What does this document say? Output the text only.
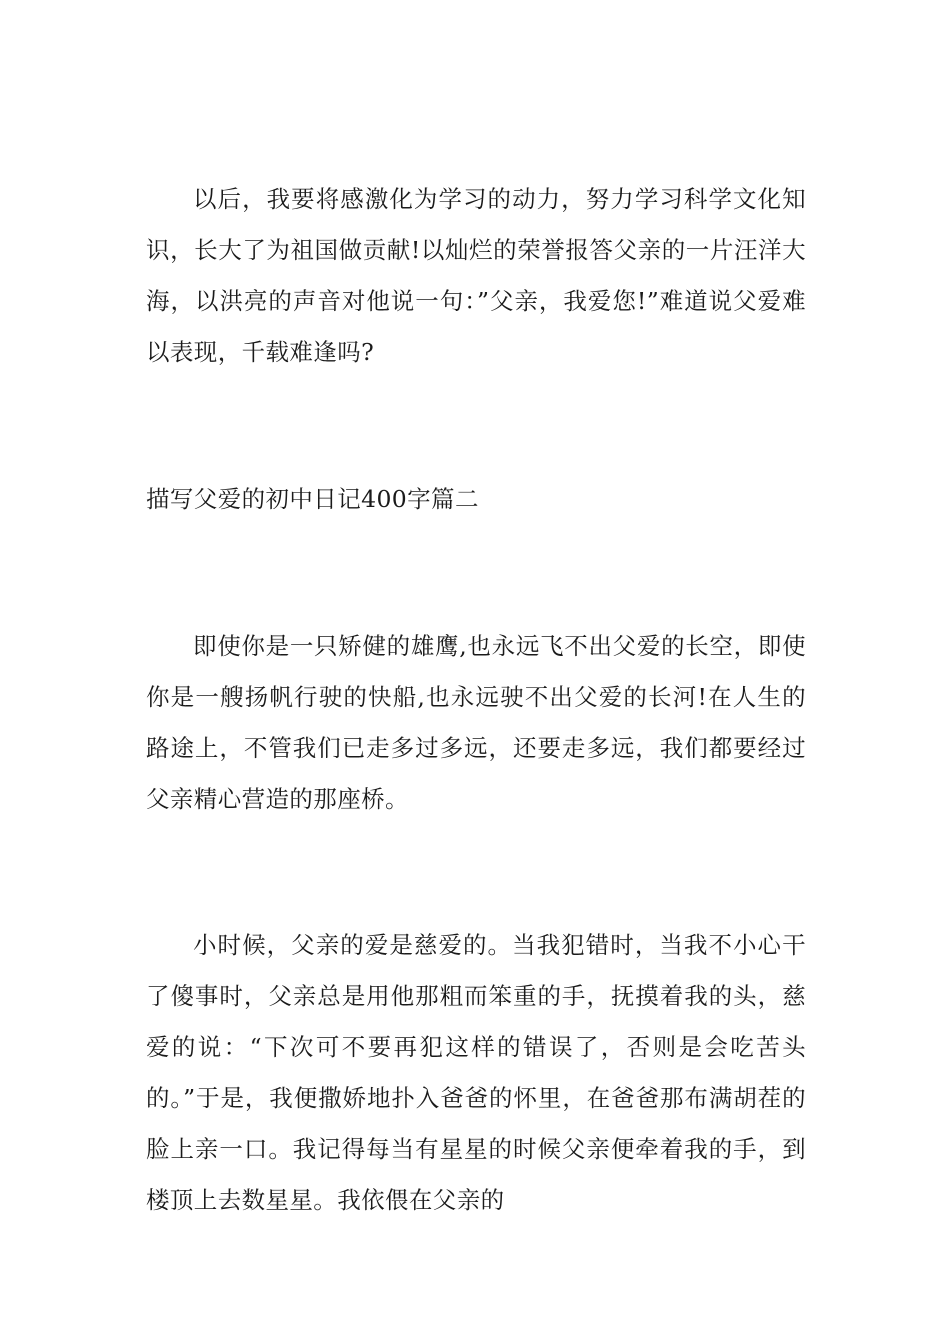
以后，我要将感激化为学习的动力，努力学习科学文化知识，长大了为祖国做贡献!以灿烂的荣誉报答父亲的一片汪洋大海，以洪亮的声音对他说一句：”父亲，我爱您!”难道说父爱难以表现，千载难逢吗?

描写父爱的初中日记400字篇二

即使你是一只矫健的雄鹰,也永远飞不出父爱的长空，即使你是一艘扬帆行驶的快船,也永远驶不出父爱的长河!在人生的路途上，不管我们已走多过多远，还要走多远，我们都要经过父亲精心营造的那座桥。

小时候，父亲的爱是慈爱的。当我犯错时，当我不小心干了傻事时，父亲总是用他那粗而笨重的手，抚摸着我的头，慈爱的说：“下次可不要再犯这样的错误了，否则是会吃苦头的。”于是，我便撒娇地扑入爸爸的怀里，在爸爸那布满胡茬的脸上亲一口。我记得每当有星星的时候父亲便牵着我的手，到楼顶上去数星星。我依偎在父亲的
